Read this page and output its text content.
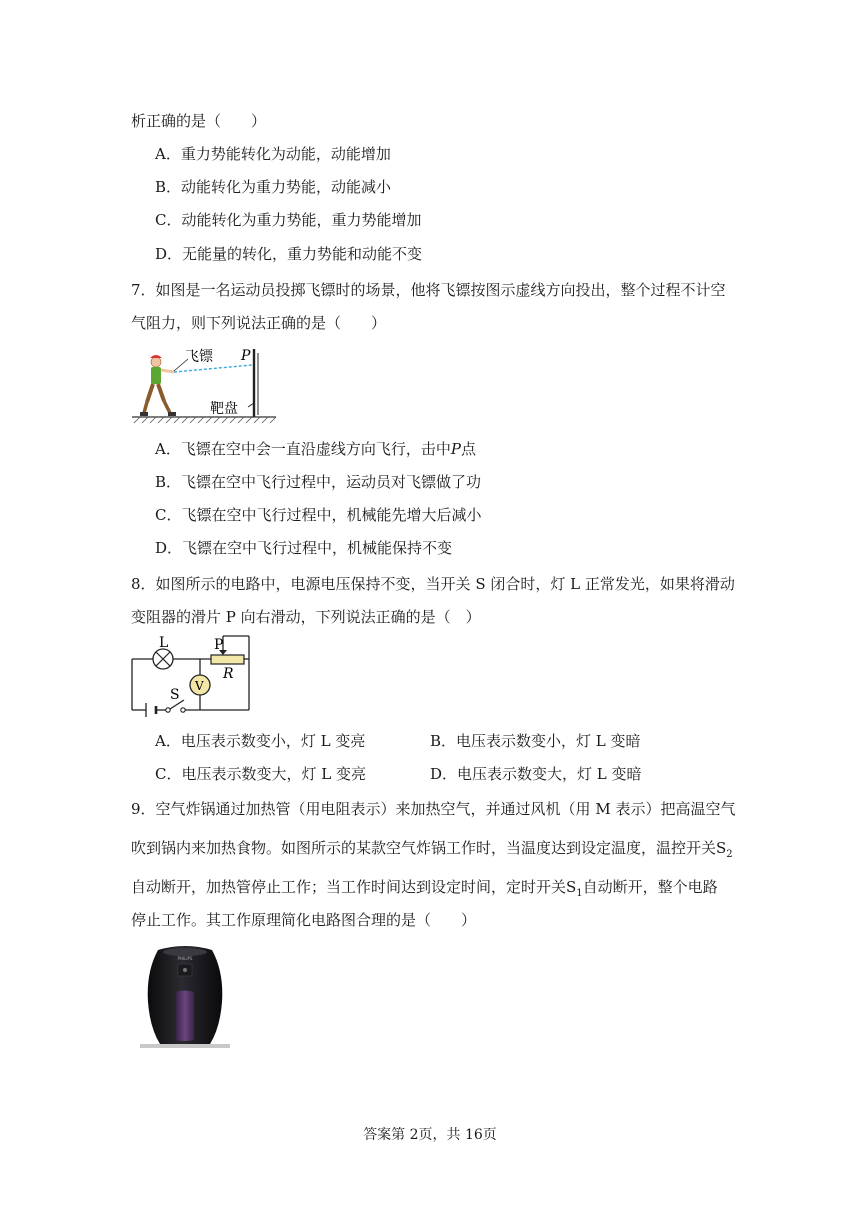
析正确的是（　　）
A．重力势能转化为动能，动能增加
B．动能转化为重力势能，动能减小
C．动能转化为重力势能，重力势能增加
D．无能量的转化，重力势能和动能不变
7．如图是一名运动员投掷飞镖时的场景，他将飞镖按图示虚线方向投出，整个过程不计空
气阻力，则下列说法正确的是（　　）
飞镖 P
靶盘
A．飞镖在空中会一直沿虚线方向飞行，击中P点
B．飞镖在空中飞行过程中，运动员对飞镖做了功
C．飞镖在空中飞行过程中，机械能先增大后减小
D．飞镖在空中飞行过程中，机械能保持不变
8．如图所示的电路中，电源电压保持不变，当开关 S 闭合时，灯 L 正常发光，如果将滑动
变阻器的滑片 P 向右滑动，下列说法正确的是（　）
L	P
R
V
S
A．电压表示数变小，灯 L 变亮	B．电压表示数变小，灯 L 变暗
C．电压表示数变大，灯 L 变亮	D．电压表示数变大，灯 L 变暗
9．空气炸锅通过加热管（用电阻表示）来加热空气，并通过风机（用 M 表示）把高温空气
吹到锅内来加热食物。如图所示的某款空气炸锅工作时，当温度达到设定温度，温控开关$S_2$
自动断开，加热管停止工作；当工作时间达到设定时间，定时开关$S_1$自动断开，整个电路
停止工作。其工作原理简化电路图合理的是（　　）
PHILIPS
答案第 2页，共 16页
